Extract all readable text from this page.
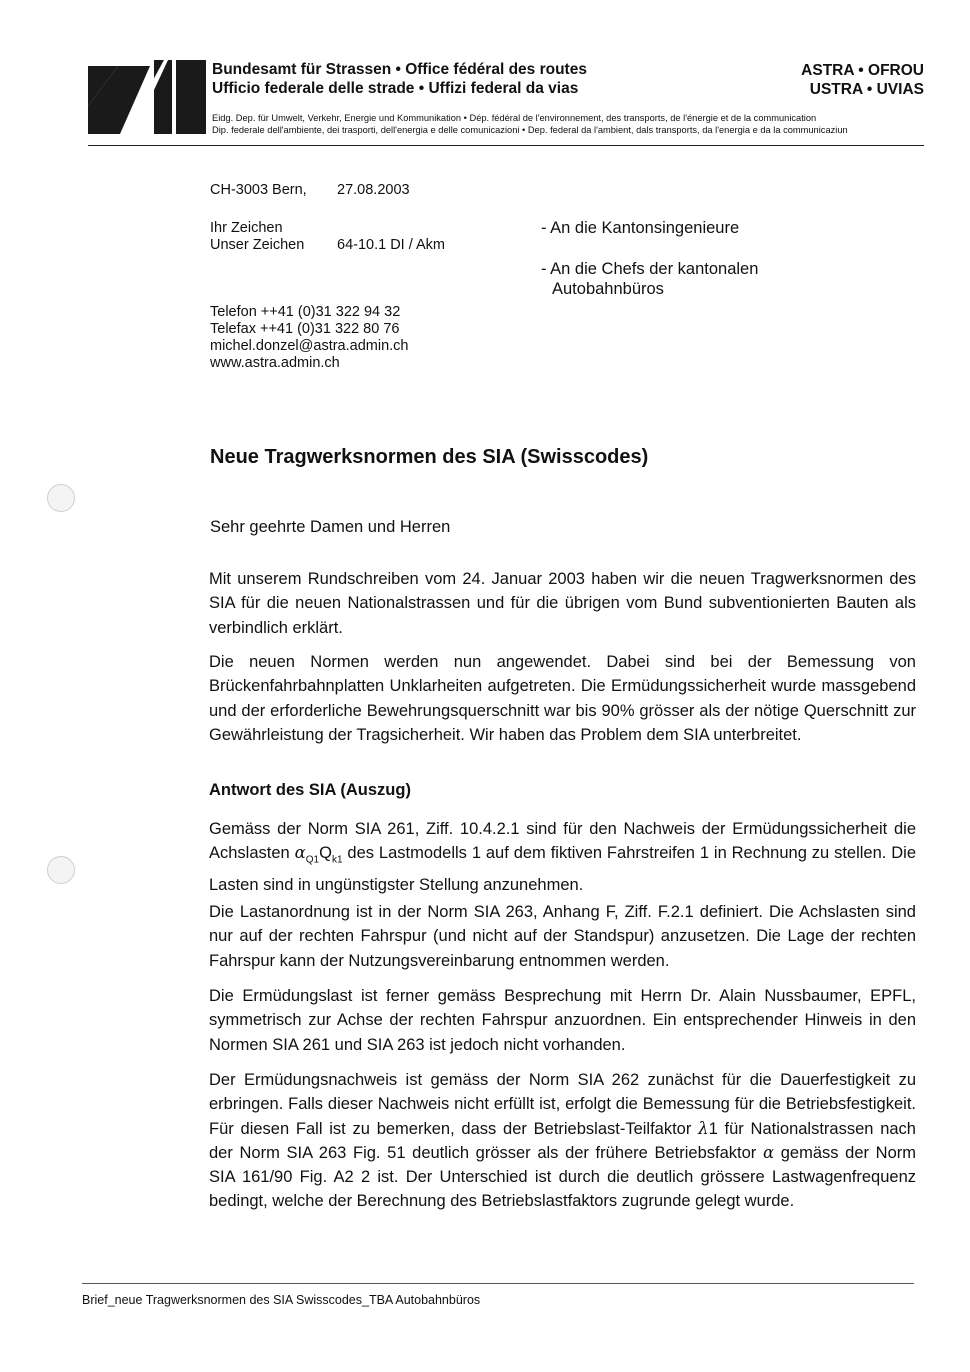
Bundesamt für Strassen • Office fédéral des routes
Ufficio federale delle strade • Uffizi federal da vias
ASTRA • OFROU
USTRA • UVIAS
Eidg. Dep. für Umwelt, Verkehr, Energie und Kommunikation • Dép. fédéral de l'environnement, des transports, de l'énergie et de la communication
Dip. federale dell'ambiente, dei trasporti, dell'energia e delle comunicazioni • Dep. federal da l'ambient, dals transports, da l'energia e da la communicaziun
CH-3003 Bern, 27.08.2003
Ihr Zeichen
Unser Zeichen 64-10.1 DI / Akm
Telefon ++41 (0)31 322 94 32
Telefax ++41 (0)31 322 80 76
michel.donzel@astra.admin.ch
www.astra.admin.ch
- An die Kantonsingenieure
- An die Chefs der kantonalen
Autobahnbüros
Neue Tragwerksnormen des SIA (Swisscodes)
Sehr geehrte Damen und Herren
Mit unserem Rundschreiben vom 24. Januar 2003 haben wir die neuen Tragwerksnormen des SIA für die neuen Nationalstrassen und für die übrigen vom Bund subventionierten Bauten als verbindlich erklärt.
Die neuen Normen werden nun angewendet. Dabei sind bei der Bemessung von Brückenfahrbahnplatten Unklarheiten aufgetreten. Die Ermüdungssicherheit wurde massgebend und der erforderliche Bewehrungsquerschnitt war bis 90% grösser als der nötige Querschnitt zur Gewährleistung der Tragsicherheit. Wir haben das Problem dem SIA unterbreitet.
Antwort des SIA (Auszug)
Gemäss der Norm SIA 261, Ziff. 10.4.2.1 sind für den Nachweis der Ermüdungssicherheit die Achslasten $\alpha_{Q1}Q_{k1}$ des Lastmodells 1 auf dem fiktiven Fahrstreifen 1 in Rechnung zu stellen. Die Lasten sind in ungünstigster Stellung anzunehmen.
Die Lastanordnung ist in der Norm SIA 263, Anhang F, Ziff. F.2.1 definiert. Die Achslasten sind nur auf der rechten Fahrspur (und nicht auf der Standspur) anzusetzen. Die Lage der rechten Fahrspur kann der Nutzungsvereinbarung entnommen werden.
Die Ermüdungslast ist ferner gemäss Besprechung mit Herrn Dr. Alain Nussbaumer, EPFL, symmetrisch zur Achse der rechten Fahrspur anzuordnen. Ein entsprechender Hinweis in den Normen SIA 261 und SIA 263 ist jedoch nicht vorhanden.
Der Ermüdungsnachweis ist gemäss der Norm SIA 262 zunächst für die Dauerfestigkeit zu erbringen. Falls dieser Nachweis nicht erfüllt ist, erfolgt die Bemessung für die Betriebsfestigkeit. Für diesen Fall ist zu bemerken, dass der Betriebslast-Teilfaktor λ1 für Nationalstrassen nach der Norm SIA 263 Fig. 51 deutlich grösser als der frühere Betriebsfaktor α gemäss der Norm SIA 161/90 Fig. A2 2 ist. Der Unterschied ist durch die deutlich grössere Lastwagenfrequenz bedingt, welche der Berechnung des Betriebslastfaktors zugrunde gelegt wurde.
Brief_neue Tragwerksnormen des SIA Swisscodes_TBA Autobahnbüros
